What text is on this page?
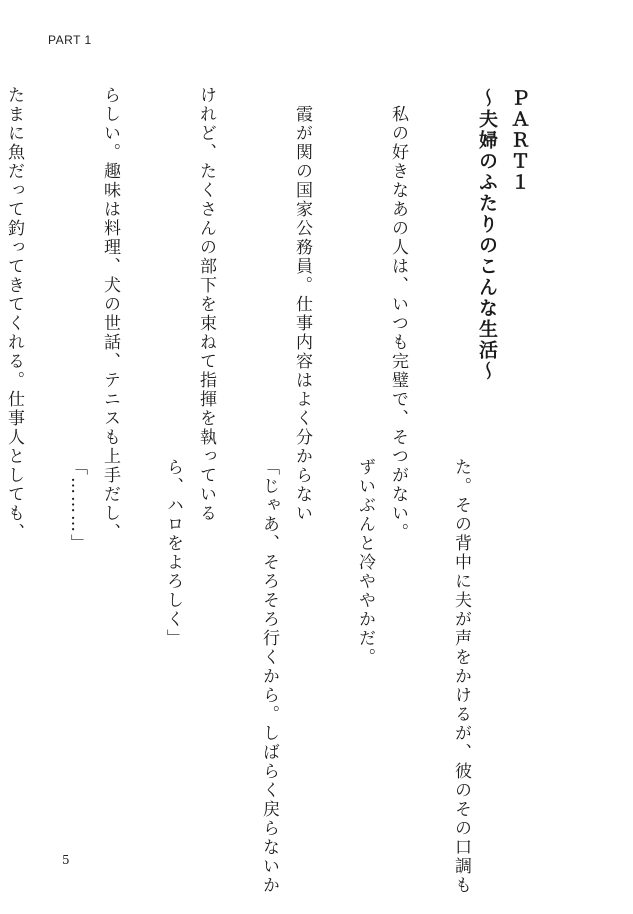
PART 1
ＰＡＲＴ１
～夫婦のふたりのこんな生活～

　私の好きなあの人は、いつも完璧で、そつがない。

　霞が関の国家公務員。仕事内容はよく分からない

けれど、たくさんの部下を束ねて指揮を執っている

らしい。趣味は料理、犬の世話、テニスも上手だし、

たまに魚だって釣ってきてくれる。仕事人としても、

た。その背中に夫が声をかけるが、彼のその口調も

ずいぶんと冷ややかだ。

「じゃあ、そろそろ行くから。しばらく戻らないか

ら、ハロをよろしく」

「………」

5
